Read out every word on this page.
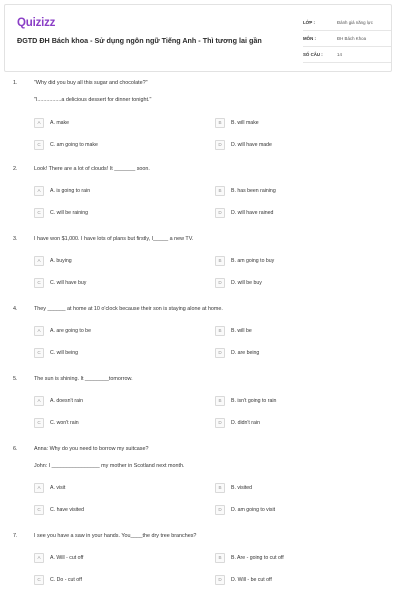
Quizizz
ĐGTD ĐH Bách khoa - Sử dụng ngôn ngữ Tiếng Anh - Thì tương lai gần
LỚP :	Đánh giá năng lực
MÔN :	ĐH Bách Khoa
SỐ CÂU :	14
1.	"Why did you buy all this sugar and chocolate?"
"I................a delicious dessert for dinner tonight."
A	A. make	B	B. will make
C	C. am going to make	D	D. will have made
2.	Look! There are a lot of clouds! It _______ soon.
A	A. is going to rain	B	B. has been raining
C	C. will be raining	D	D. will have rained
3.	I have won $1,000. I have lots of plans but firstly, I_____ a new TV.
A	A. buying	B	B. am going to buy
C	C. will have buy	D	D. will be buy
4.	They ______ at home at 10 o'clock because their son is staying alone at home.
A	A. are going to be	B	B. will be
C	C. will being	D	D. are being
5.	The sun is shining. It ________tomorrow.
A	A. doesn't rain	B	B. isn't going to rain
C	C. won't rain	D	D. didn't rain
6.	Anna: Why do you need to borrow my suitcase?
John: I ________________ my mother in Scotland next month.
A	A. visit	B	B. visited
C	C. have visited	D	D. am going to visit
7.	I see you have a saw in your hands. You____the dry tree branches?
A	A. Will - cut off	B	B. Are - going to cut off
C	C. Do - cut off	D	D. Will - be cut off
